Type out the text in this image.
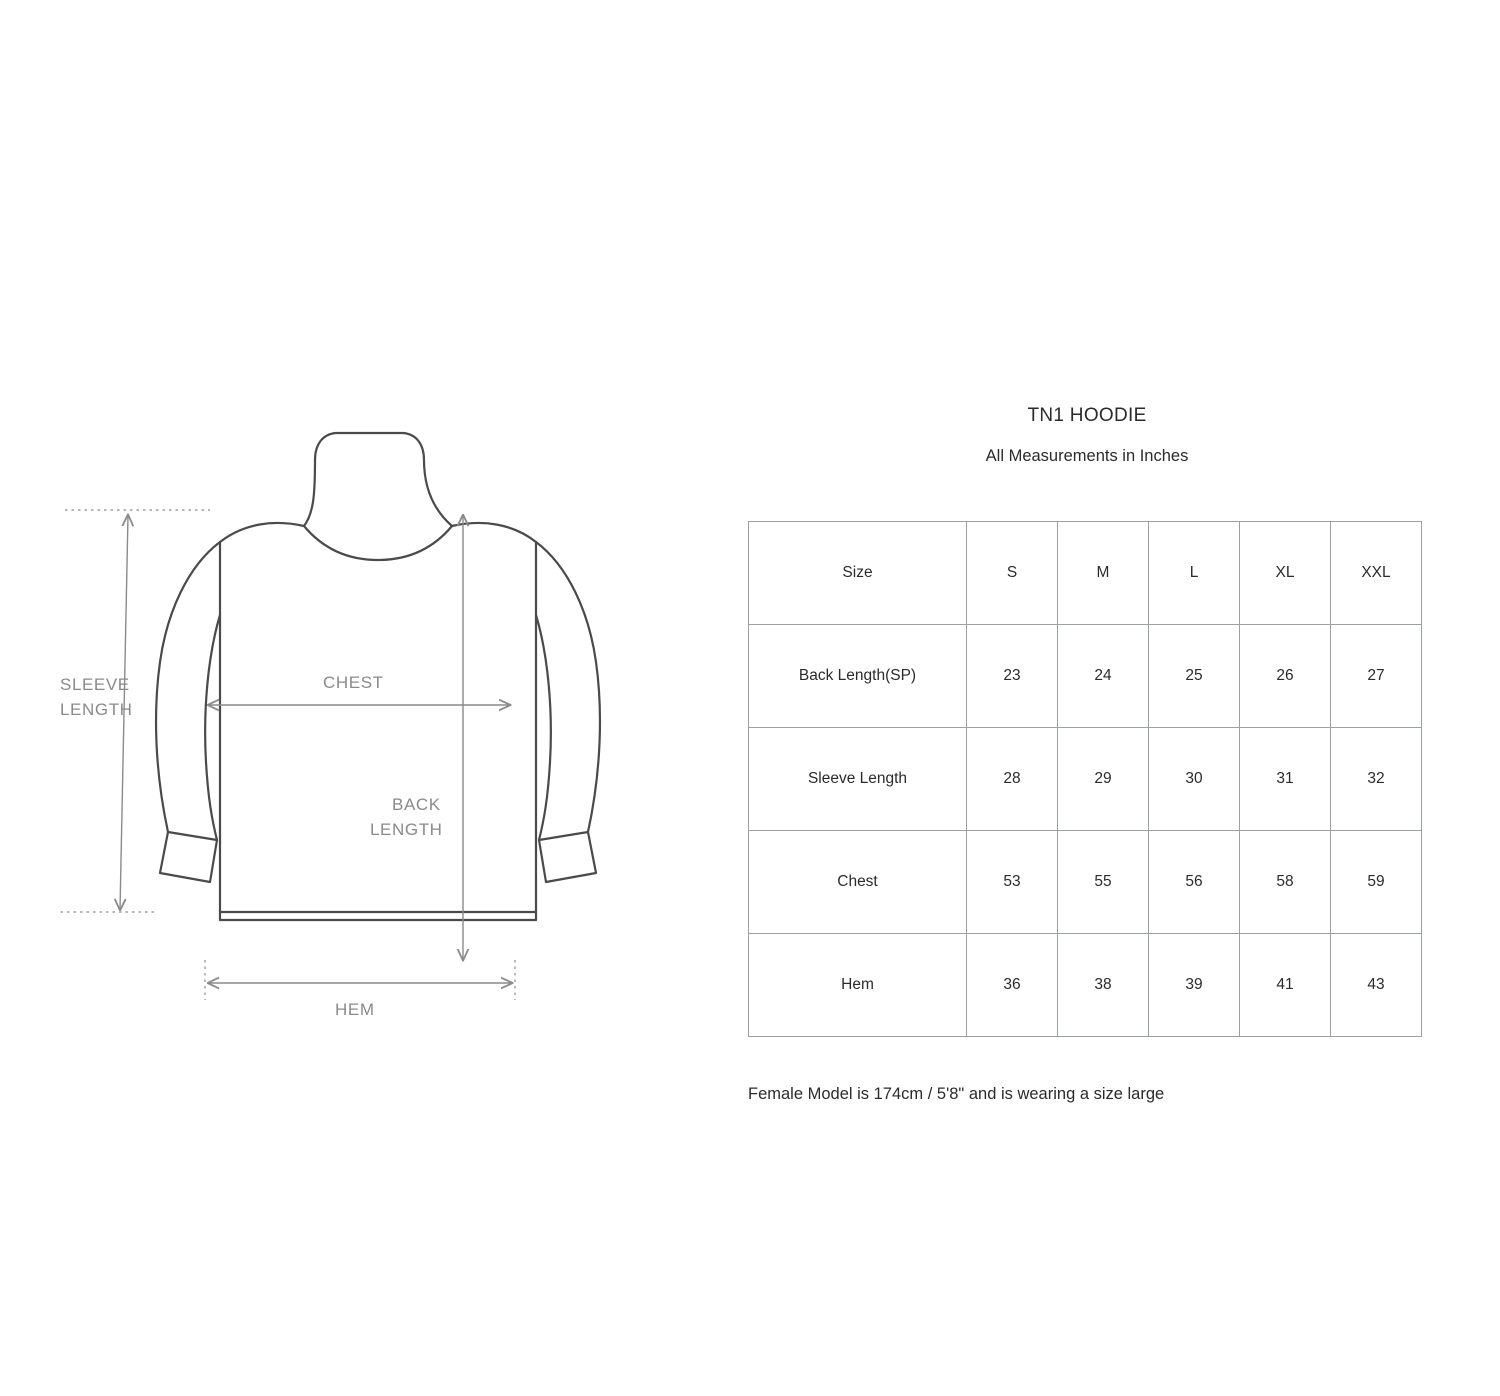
SLEEVE
LENGTH
CHEST
BACK
LENGTH
HEM
TN1 HOODIE
All Measurements in Inches
Size	S	M	L	XL	XXL
Back Length(SP)	23	24	25	26	27
Sleeve Length	28	29	30	31	32
Chest	53	55	56	58	59
Hem	36	38	39	41	43
Female Model is 174cm / 5'8" and is wearing a size large
